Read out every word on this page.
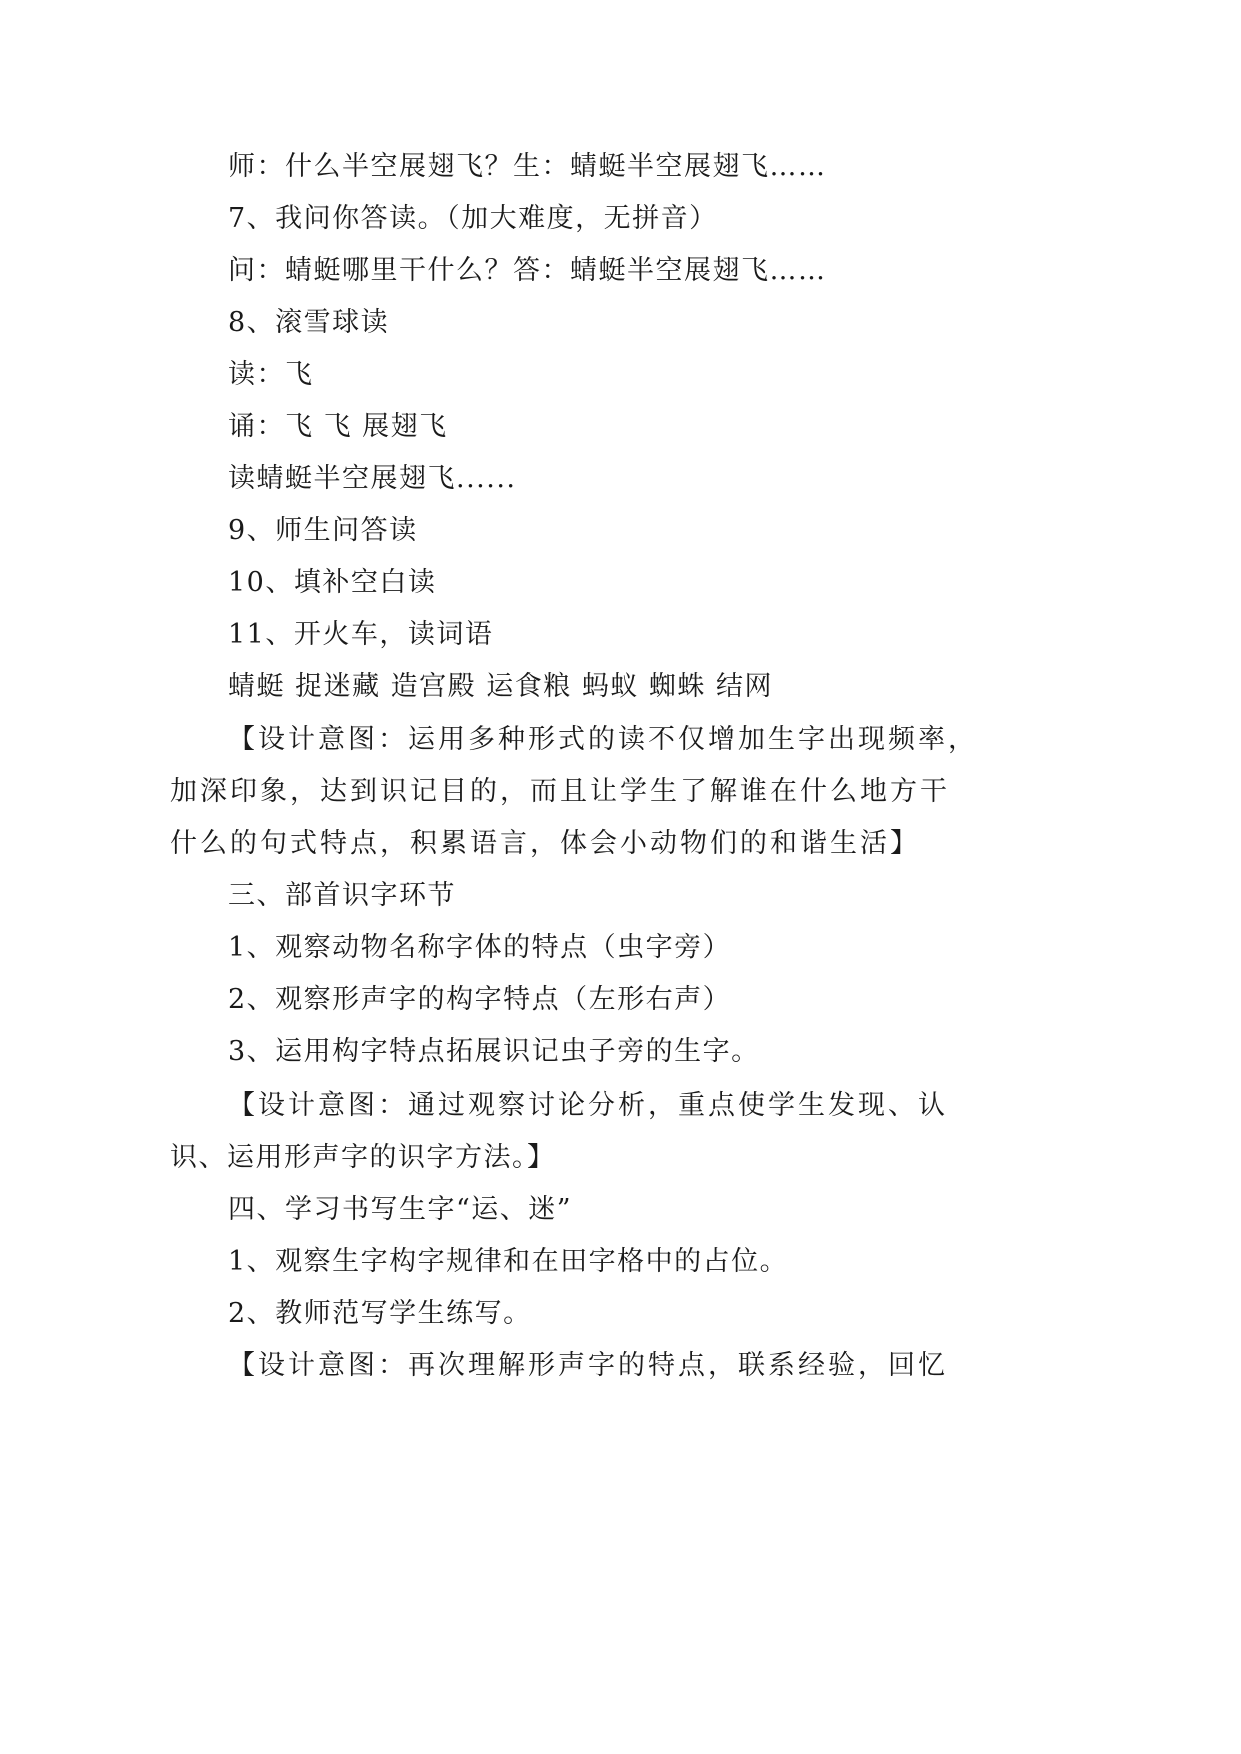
师：什么半空展翅飞？生：蜻蜓半空展翅飞……
7、我问你答读。（加大难度，无拼音）
问：蜻蜓哪里干什么？答：蜻蜓半空展翅飞……
8、滚雪球读
读：飞
诵：飞 飞 展翅飞
读蜻蜓半空展翅飞......
9、师生问答读
10、填补空白读
11、开火车，读词语
蜻蜓 捉迷藏 造宫殿 运食粮 蚂蚁 蜘蛛 结网
【设计意图：运用多种形式的读不仅增加生字出现频率，
加深印象，达到识记目的，而且让学生了解谁在什么地方干
什么的句式特点，积累语言，体会小动物们的和谐生活】
三、部首识字环节
1、观察动物名称字体的特点（虫字旁）
2、观察形声字的构字特点（左形右声）
3、运用构字特点拓展识记虫子旁的生字。
【设计意图：通过观察讨论分析，重点使学生发现、认
识、运用形声字的识字方法。】
四、学习书写生字“运、迷”
1、观察生字构字规律和在田字格中的占位。
2、教师范写学生练写。
【设计意图：再次理解形声字的特点，联系经验，回忆
